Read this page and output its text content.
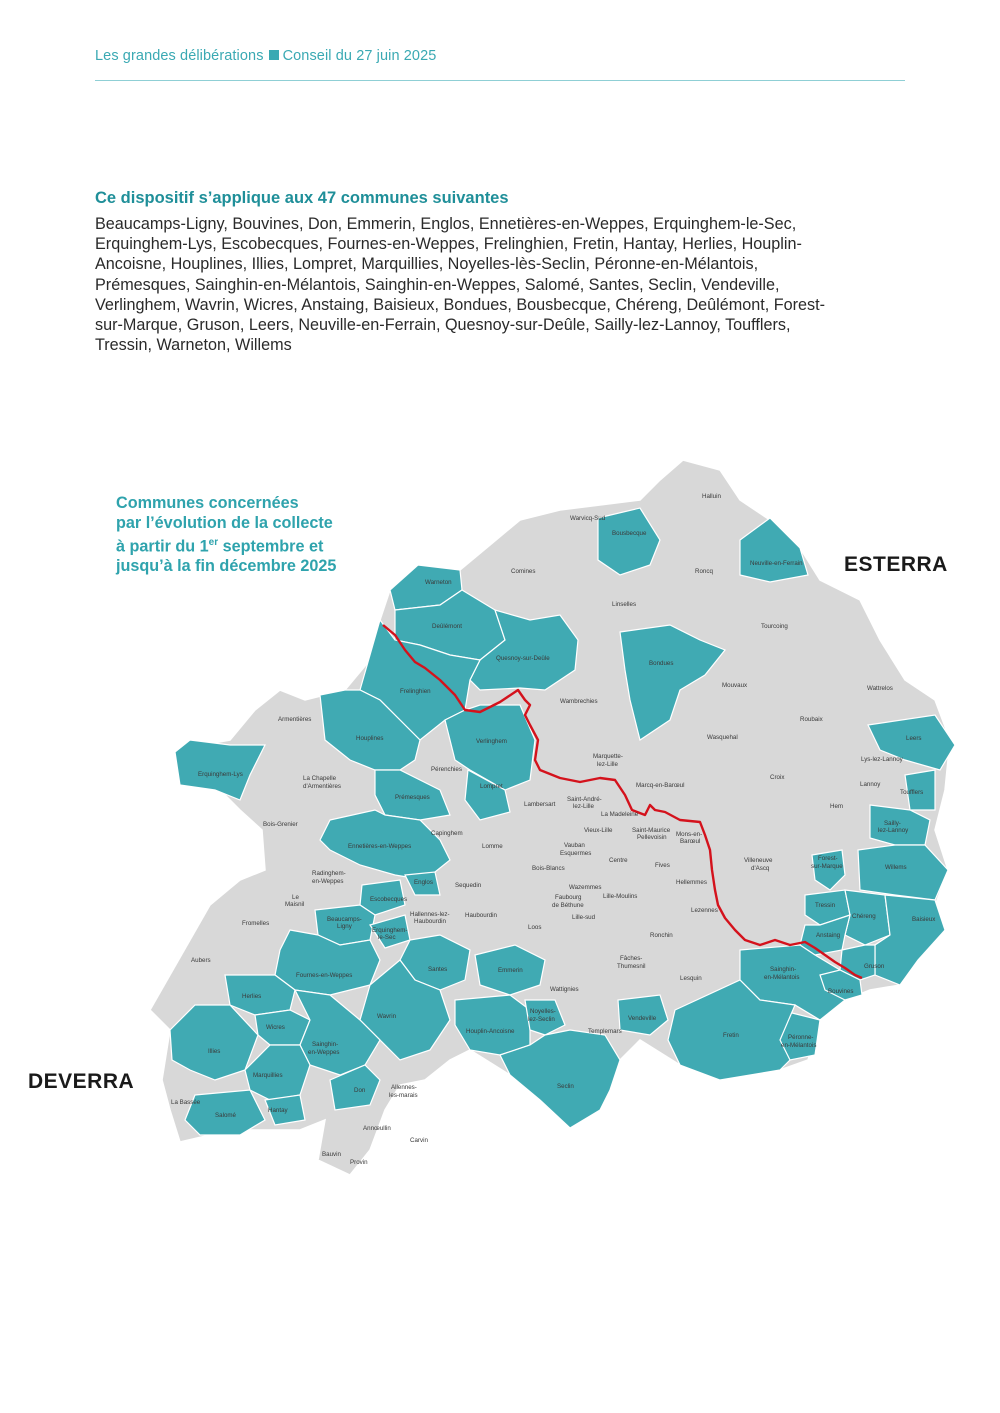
Les grandes délibérations Conseil du 27 juin 2025
Ce dispositif s’applique aux 47 communes suivantes
Beaucamps-Ligny, Bouvines, Don, Emmerin, Englos, Ennetières-en-Weppes, Erquinghem-le-Sec,
Erquinghem-Lys, Escobecques, Fournes-en-Weppes, Frelinghien, Fretin, Hantay, Herlies, Houplin-
Ancoisne, Houplines, Illies, Lompret, Marquillies, Noyelles-lès-Seclin, Péronne-en-Mélantois,
Prémesques, Sainghin-en-Mélantois, Sainghin-en-Weppes, Salomé, Santes, Seclin, Vendeville,
Verlinghem, Wavrin, Wicres, Anstaing, Baisieux, Bondues, Bousbecque, Chéreng, Deûlémont, Forest-
sur-Marque, Gruson, Leers, Neuville-en-Ferrain, Quesnoy-sur-Deûle, Sailly-lez-Lannoy, Toufflers,
Tressin, Warneton, Willems
Halluin
Warvicq-Sud
Bousbecque
Comines	Roncq
Neuville-en-Ferrain
Warneton
Linselles
Tourcoing
Deûlémont
Quesnoy-sur-Deûle
Bondues
Mouvaux	Wattrelos
Frelinghien
Wambrechies
Armentières
Houplines	Verlinghem
Wasquehal
Roubaix
Leers
Erquinghem-Lys
La Chapelle
d'Armentières
Pérenchies
Marquette-
lez-Lille
Lys-lez-Lannoy
Croix
Lannoy
Lompret
Prémesques
Lambersart
Saint-André-
lez-Lille
Marcq-en-Barœul
Toufflers
Hem
Bois-Grenier
La Madeleine
Sailly-
lez-Lannoy
Vieux-Lille	Saint-Maurice
Pellevoisin Mons-en-
Barœul
Capinghem
Ennetières-en-Weppes	Lomme	Vauban
Esquermes
Centre
Fives
Villeneuve
d'Ascq
Forest-
sur-Marque	Willems
Radinghem-
en-Weppes
Bois-Blancs
Englos	Sequedin	Wazemmes
Hellemmes
Le
Maisnil
Escobecques	Faubourg
de Béthune
Lille-Moulins
Tressin
Lezennes
Hallennes-lez-
Haubourdin
Haubourdin	Lille-sud	Chéreng	Baisieux
Fromelles
Beaucamps-
Ligny
Erquinghem-
le-Sec
Loos
Anstaing
Ronchin
Aubers	Fâches-
Thumesnil	Gruson
Fournes-en-Weppes
Santes	Emmerin	Sainghin-
en-Mélantois
Lesquin
Bouvines
Herlies
Wattignies
Wicres
Wavrin	Vendeville
Noyelles-
lez-Seclin
Templemars
Houplin-Ancoisne
Fretin
Sainghin-
en-Weppes
Illies
Péronne-
en-Mélantois
Marquillies
Seclin
Don	Allennes-
les-marais
La Bassée
Salomé
Hantay
Annœullin
Carvin
Bauvin
Provin
Communes concernées
par l’évolution de la collecte
à partir du 1er septembre et
jusqu’à la fin décembre 2025	ESTERRA
DEVERRA
